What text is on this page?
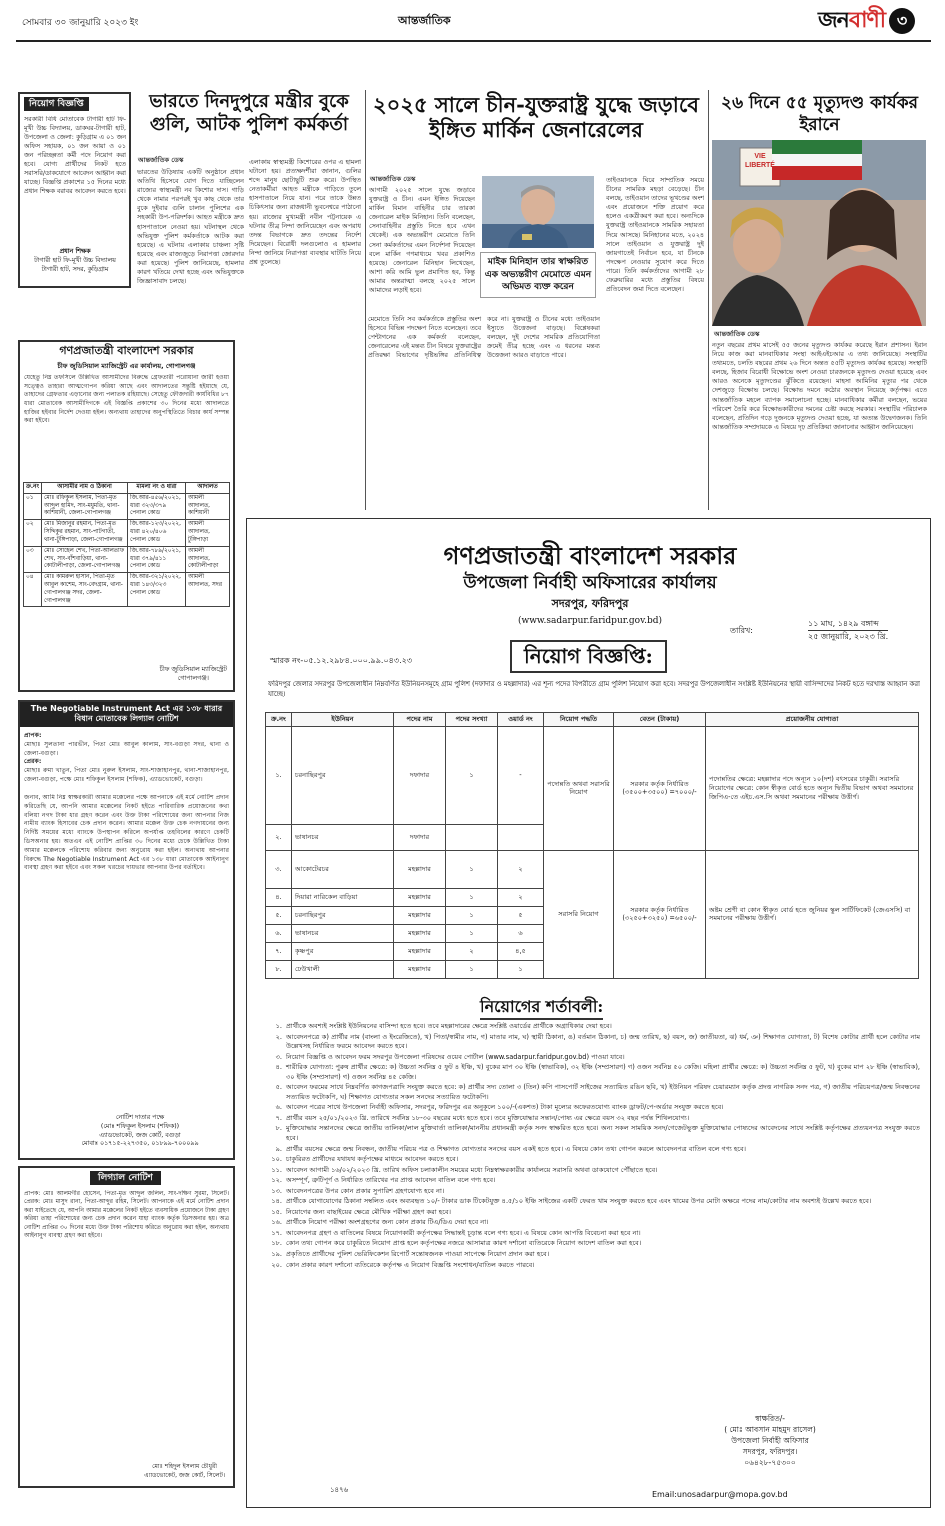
সোমবার ৩০ জানুয়ারি ২০২৩ ইং	আন্তর্জাতিক	জনবাণী ৩
নিয়োগ বিজ্ঞপ্তি
সরকারী বিধি মোতাবেক টাগারী হাট ফি-মূখী উচ্চ বিদ্যালয়, ডাকঘর-টাগারী হাট, উপজেলা ও জেলা: কুড়িগ্রাম এ ০১ জন অফিস সহায়ক, ০১ জন আয়া ও ০১ জন পরিচ্ছন্নতা কর্মী পদে নিয়োগ করা হবে। যোগ্য প্রার্থীদের নিকট হতে সরাসরি/ডাকযোগে আবেদন আহ্বান করা যাচ্ছে। বিজ্ঞপ্তি প্রকাশের ১৫ দিনের মধ্যে প্রধান শিক্ষক বরাবর আবেদন করতে হবে।
প্রধান শিক্ষক
টাগারী হাট ফি-মূখী উচ্চ বিদ্যালয়
টাগারী হাট, সদর, কুড়িগ্রাম
ভারতে দিনদুপুরে মন্ত্রীর বুকে গুলি, আটক পুলিশ কর্মকর্তা
আন্তর্জাতিক ডেস্ক
ভারতের উড়িষ্যায় একটি অনুষ্ঠানে প্রধান অতিথি হিসেবে যোগ দিতে যাচ্ছিলেন রাজ্যের স্বাস্থ্যমন্ত্রী নব কিশোর দাস। গাড়ি থেকে নামার পরপরই খুব কাছ থেকে তার বুকে দুইবার গুলি চালান পুলিশের এক সহকারী উপ-পরিদর্শক। আহত মন্ত্রীকে দ্রুত হাসপাতালে নেওয়া হয়। ঘটনাস্থল থেকে অভিযুক্ত পুলিশ কর্মকর্তাকে আটক করা হয়েছে। এ ঘটনায় এলাকায় চাঞ্চল্য সৃষ্টি হয়েছে এবং রাজ্যজুড়ে নিরাপত্তা জোরদার করা হয়েছে। পুলিশ জানিয়েছে, হামলার কারণ খতিয়ে দেখা হচ্ছে এবং অভিযুক্তকে জিজ্ঞাসাবাদ চলছে।
এলাকায় স্বাস্থ্যমন্ত্রী কিশোরের ওপর এ হামলা ঘটানো হয়। প্রত্যক্ষদর্শীরা জানান, গুলির শব্দে মানুষ ছোটাছুটি শুরু করে। উপস্থিত নেতাকর্মীরা আহত মন্ত্রীকে গাড়িতে তুলে হাসপাতালে নিয়ে যান। পরে তাকে উন্নত চিকিৎসার জন্য রাজধানী ভুবনেশ্বরে পাঠানো হয়। রাজ্যের মুখ্যমন্ত্রী নবীন পট্টনায়েক এ ঘটনার তীব্র নিন্দা জানিয়েছেন এবং অপরাধ তদন্ত বিভাগকে দ্রুত তদন্তের নির্দেশ দিয়েছেন। বিরোধী দলগুলোও এ হামলার নিন্দা জানিয়ে নিরাপত্তা ব্যবস্থার ঘাটতি নিয়ে প্রশ্ন তুলেছে।
২০২৫ সালে চীন-যুক্তরাষ্ট্র যুদ্ধে জড়াবে ইঙ্গিত মার্কিন জেনারেলের
আন্তর্জাতিক ডেস্ক
আগামী ২০২৫ সালে যুদ্ধে জড়াবে যুক্তরাষ্ট্র ও চীন। এমন ইঙ্গিত দিয়েছেন মার্কিন বিমান বাহিনীর চার তারকা জেনারেল মাইক মিনিহান। তিনি বলেছেন, সেনাবাহিনীর প্রস্তুতি নিতে হবে এখন থেকেই। এক অভ্যন্তরীণ মেমোতে তিনি সেনা কর্মকর্তাদের এমন নির্দেশনা দিয়েছেন বলে মার্কিন গণমাধ্যমে খবর প্রকাশিত হয়েছে। জেনারেল মিনিহান লিখেছেন, আশা করি আমি ভুল প্রমাণিত হব, কিন্তু আমার অন্তরাত্মা বলছে ২০২৫ সালে আমাদের লড়াই হবে।
মাইক মিনিহান তার স্বাক্ষরিত এক অভ্যন্তরীণ মেমোতে এমন অভিমত ব্যক্ত করেন
মেমোতে তিনি সব কর্মকর্তাকে প্রস্তুতির অংশ হিসেবে বিভিন্ন পদক্ষেপ নিতে বলেছেন। তবে পেন্টাগনের এক কর্মকর্তা বলেছেন, জেনারেলের এই মন্তব্য চীন বিষয়ে যুক্তরাষ্ট্রের প্রতিরক্ষা বিভাগের দৃষ্টিভঙ্গির প্রতিনিধিত্ব করে না। যুক্তরাষ্ট্র ও চীনের মধ্যে তাইওয়ান ইস্যুতে উত্তেজনা বাড়ছে। বিশ্লেষকরা বলছেন, দুই দেশের সামরিক প্রতিযোগিতা ক্রমেই তীব্র হচ্ছে এবং এ ধরনের মন্তব্য উত্তেজনা আরও বাড়াতে পারে।
তাইওয়ানকে ঘিরে সাম্প্রতিক সময়ে চীনের সামরিক মহড়া বেড়েছে। চীন বলছে, তাইওয়ান তাদের ভূখণ্ডের অংশ এবং প্রয়োজনে শক্তি প্রয়োগ করে হলেও একত্রীকরণ করা হবে। অন্যদিকে যুক্তরাষ্ট্র তাইওয়ানকে সামরিক সহায়তা দিয়ে আসছে। মিনিহানের মতে, ২০২৪ সালে তাইওয়ান ও যুক্তরাষ্ট্র দুই জায়গাতেই নির্বাচন হবে, যা চীনকে পদক্ষেপ নেওয়ার সুযোগ করে দিতে পারে। তিনি কর্মকর্তাদের আগামী ২৮ ফেব্রুয়ারির মধ্যে প্রস্তুতির বিষয়ে প্রতিবেদন জমা দিতে বলেছেন।
২৬ দিনে ৫৫ মৃত্যুদণ্ড কার্যকর ইরানে
VIE LIBERTÉ
আন্তর্জাতিক ডেস্ক
নতুন বছরের প্রথম মাসেই ৫৫ জনের মৃত্যুদণ্ড কার্যকর করেছে ইরান প্রশাসন। ইরান নিয়ে কাজ করা মানবাধিকার সংস্থা আইএইচআর এ তথ্য জানিয়েছে। সংস্থাটির তথ্যমতে, চলতি বছরের প্রথম ২৬ দিনে অন্তত ৫৫টি মৃত্যুদণ্ড কার্যকর হয়েছে। সংস্থাটি বলছে, হিজাব বিরোধী বিক্ষোভে অংশ নেওয়া চারজনকে মৃত্যুদণ্ড দেওয়া হয়েছে এবং আরও অনেকে মৃত্যুদণ্ডের ঝুঁকিতে রয়েছেন। মাহসা আমিনির মৃত্যুর পর থেকে দেশজুড়ে বিক্ষোভ চলছে। বিক্ষোভ দমনে কঠোর অবস্থান নিয়েছে কর্তৃপক্ষ। এতে আন্তর্জাতিক মহলে ব্যাপক সমালোচনা হচ্ছে। মানবাধিকার কর্মীরা বলছেন, ভয়ের পরিবেশ তৈরি করে বিক্ষোভকারীদের দমনের চেষ্টা করছে সরকার। সংস্থাটির পরিচালক বলেছেন, প্রতিদিন গড়ে দুজনকে মৃত্যুদণ্ড দেওয়া হচ্ছে, যা অত্যন্ত উদ্বেগজনক। তিনি আন্তর্জাতিক সম্প্রদায়কে এ বিষয়ে দৃঢ় প্রতিক্রিয়া জানানোর আহ্বান জানিয়েছেন।
গণপ্রজাতন্ত্রী বাংলাদেশ সরকার
চীফ জুডিসিয়াল ম্যাজিস্ট্রেট এর কার্যালয়, গোপালগঞ্জ
যেহেতু নিম্ন তফসিলে উল্লিখিত আসামীদের বিরুদ্ধে গ্রেফতারী পরোয়ানা জারী হওয়া সত্ত্বেও তাহারা আত্মগোপন করিয়া আছে এবং আদালতের সন্তুষ্টি হইয়াছে যে, তাহাদের গ্রেফতার এড়ানোর জন্য পলাতক রহিয়াছে। সেহেতু ফৌজদারী কার্যবিধির ৮৭ ধারা মোতাবেক আসামীদিগকে এই বিজ্ঞপ্তি প্রকাশের ৩০ দিনের মধ্যে আদালতে হাজির হইবার নির্দেশ দেওয়া হইল। অন্যথায় তাহাদের অনুপস্থিতিতে বিচার কার্য সম্পন্ন করা হইবে।
ক্র.নং	আসামীর নাম ও ঠিকানা	মামলা নং ও ধারা	আদালত
০১	মোঃ রফিকুল ইসলাম, পিতা-মৃত আব্দুল হামিদ, সাং-মধুমতি, থানা-কাশিয়ানী, জেলা-গোপালগঞ্জ	জি.আর-৪৫৬/২০২১, ধারা ৩২৩/৩৭৯ পেনাল কোড	আমলী আদালত, কাশিয়ানী
০২	মোঃ মিজানুর রহমান, পিতা-মৃত সিদ্দিকুর রহমান, সাং-পাটগাতী, থানা-টুঙ্গিপাড়া, জেলা-গোপালগঞ্জ	জি.আর-১২৩/২০২২, ধারা ৪২০/৪০৬ পেনাল কোড	আমলী আদালত, টুঙ্গিপাড়া
০৩	মোঃ সোহেল শেখ, পিতা-আলতাফ শেখ, সাং-বাঁশবাড়িয়া, থানা-কোটালীপাড়া, জেলা-গোপালগঞ্জ	জি.আর-৭৮৯/২০২১, ধারা ৩৭৯/৪১১ পেনাল কোড	আমলী আদালত, কোটালীপাড়া
০৪	মোঃ কামরুল হাসান, পিতা-মৃত আবুল কাশেম, সাং-বেদগ্রাম, থানা-গোপালগঞ্জ সদর, জেলা-গোপালগঞ্জ	জি.আর-৩২১/২০২২, ধারা ১৪৩/৩২৩ পেনাল কোড	আমলী আদালত, সদর
চীফ জুডিসিয়াল ম্যাজিস্ট্রেট
গোপালগঞ্জ।
The Negotiable Instrument Act এর ১৩৮ ধারার বিধান মোতাবেক লিগ্যাল নোটিশ
প্রাপক:
মোছাঃ সুলতানা পারভীন, পিতা মোঃ আবুল কালাম, সাং-বগুড়া সদর, থানা ও জেলা-বগুড়া।
প্রেরক:
মোছাঃ রুমা খাতুন, পিতা মোঃ নুরুল ইসলাম, সাং-শাজাহানপুর, থানা-শাজাহানপুর, জেলা-বগুড়া, পক্ষে মোঃ শফিকুল ইসলাম (শফিক), এ্যাডভোকেট, বগুড়া।
জনাব, আমি নিম্ন স্বাক্ষরকারী আমার মক্কেলের পক্ষে আপনাকে এই মর্মে নোটিশ প্রদান করিতেছি যে, আপনি আমার মক্কেলের নিকট হইতে পারিবারিক প্রয়োজনের কথা বলিয়া নগদ টাকা ধার গ্রহণ করেন এবং উক্ত টাকা পরিশোধের জন্য আপনার নিজ নামীয় ব্যাংক হিসাবের চেক প্রদান করেন। আমার মক্কেল উক্ত চেক নগদায়নের জন্য নির্দিষ্ট সময়ের মধ্যে ব্যাংকে উপস্থাপন করিলে অপর্যাপ্ত তহবিলের কারণে চেকটি ডিসঅনার হয়। অতএব এই নোটিশ প্রাপ্তির ৩০ দিনের মধ্যে চেকে উল্লিখিত টাকা আমার মক্কেলকে পরিশোধ করিবার জন্য অনুরোধ করা হইল। অন্যথায় আপনার বিরুদ্ধে The Negotiable Instrument Act এর ১৩৮ ধারা মোতাবেক আইনানুগ ব্যবস্থা গ্রহণ করা হইবে এবং সকল খরচের দায়ভার আপনার উপর বর্তাইবে।
নোটিশ দাতার পক্ষে
(মোঃ শফিকুল ইসলাম (শফিক))
এ্যাডভোকেট, জজ কোর্ট, বগুড়া
মোবাঃ ০১৭১৫-২২৭৩৫০, ০১৮৯৯-৭০০০৯৯
লিগ্যাল নোটিশ
প্রাপক: মোঃ আলমগীর হোসেন, পিতা-মৃত আব্দুল জলিল, সাং-দক্ষিণ সুরমা, সিলেট। প্রেরক: মোঃ মাসুদ রানা, পিতা-আব্দুর রহিম, সিলেট। আপনাকে এই মর্মে নোটিশ প্রদান করা যাইতেছে যে, আপনি আমার মক্কেলের নিকট হইতে ব্যবসায়িক প্রয়োজনে টাকা গ্রহণ করিয়া তাহা পরিশোধের জন্য চেক প্রদান করেন যাহা ব্যাংক কর্তৃক ডিসঅনার হয়। অত্র নোটিশ প্রাপ্তির ৩০ দিনের মধ্যে উক্ত টাকা পরিশোধ করিতে অনুরোধ করা হইল, অন্যথায় আইনানুগ ব্যবস্থা গ্রহণ করা হইবে।
মোঃ শহিদুল ইসলাম চৌধুরী
এ্যাডভোকেট, জজ কোর্ট, সিলেট।
গণপ্রজাতন্ত্রী বাংলাদেশ সরকার
উপজেলা নির্বাহী অফিসারের কার্যালয়
সদরপুর, ফরিদপুর
(www.sadarpur.faridpur.gov.bd)
তারিখ:
১১ মাঘ, ১৪২৯ বঙ্গাব্দ
২৫ জানুয়ারি, ২০২৩ খ্রি.
স্মারক নং-০৫.১২.২৯৮৪.০০০.৯৯.০৪৩.২৩	নিয়োগ বিজ্ঞপ্তি:
ফরিদপুর জেলার সদরপুর উপজেলাধীন নিম্নবর্ণিত ইউনিয়নসমূহে গ্রাম পুলিশ (দফাদার ও মহল্লাদার) এর শূন্য পদের বিপরীতে গ্রাম পুলিশ নিয়োগ করা হবে। সদরপুর উপজেলাধীন সংশ্লিষ্ট ইউনিয়নের স্থায়ী বাসিন্দাদের নিকট হতে দরখাস্ত আহ্বান করা যাচ্ছে।
ক্র.নং	ইউনিয়ন	পদের নাম	পদের সংখ্যা	ওয়ার্ড নং	নিয়োগ পদ্ধতি	বেতন (টাকায়)	প্রয়োজনীয় যোগ্যতা
১.	চরনাছিরপুর	দফাদার	১	-	পদোন্নতি অথবা সরাসরি নিয়োগ	সরকার কর্তৃক নির্ধারিত (৩৫০০+৩৫০০) =৭০০০/-	পদোন্নতির ক্ষেত্রে: মহল্লাদার পদে অন্যূন ১০(দশ) বৎসরের চাকুরী। সরাসরি নিয়োগের ক্ষেত্রে: কোন স্বীকৃত বোর্ড হতে অন্যূন দ্বিতীয় বিভাগ অথবা সমমানের জিপিএ-তে এইচ.এস.সি অথবা সমমানের পরীক্ষায় উত্তীর্ণ।
২.	ভাষানচর	দফাদার					
৩.	আকোটেরচর	মহল্লাদার	১	২	সরাসরি নিয়োগ	সরকার কর্তৃক নির্ধারিত (৩২৫০+৩২৫০) =৬৫০০/-	অষ্টম শ্রেণী বা কোন স্বীকৃত বোর্ড হতে জুনিয়র স্কুল সার্টিফিকেট (জেএসসি) বা সমমানের পরীক্ষায় উত্তীর্ণ।
৪.	দিয়ারা নারিকেল বাড়িয়া	মহল্লাদার	১	২			
৫.	চরনাছিরপুর	মহল্লাদার	১	৫			
৬.	ভাষানচর	মহল্লাদার	১	৬			
৭.	কৃষ্ণপুর	মহল্লাদার	২	৪,৫			
৮.	ঢেউখালী	মহল্লাদার	১	১			
নিয়োগের শর্তাবলী:
১. প্রার্থীকে অবশ্যই সংশ্লিষ্ট ইউনিয়নের বাসিন্দা হতে হবে। তবে মহল্লাদারের ক্ষেত্রে সংশ্লিষ্ট ওয়ার্ডের প্রার্থীকে অগ্রাধিকার দেয়া হবে।
২. আবেদনপত্রে ক) প্রার্থীর নাম (বাংলা ও ইংরেজিতে), খ) পিতা/স্বামীর নাম, গ) মাতার নাম, ঘ) স্থায়ী ঠিকানা, ঙ) বর্তমান ঠিকানা, চ) জন্ম তারিখ, ছ) বয়স, জ) জাতীয়তা, ঝ) ধর্ম, ঞ) শিক্ষাগত যোগ্যতা, ট) বিশেষ কোটার প্রার্থী হলে কোটার নাম উল্লেখসহ নির্ধারিত ফরমে আবেদন করতে হবে।
৩. নিয়োগ বিজ্ঞপ্তি ও আবেদন ফরম সদরপুর উপজেলা পরিষদের ওয়েব পোর্টাল (www.sadarpur.faridpur.gov.bd) পাওয়া যাবে।
৪. শারীরিক যোগ্যতা: পুরুষ প্রার্থীর ক্ষেত্রে: ক) উচ্চতা সর্বনিম্ন ৫ ফুট ৪ ইঞ্চি, খ) বুকের মাপ ৩০ ইঞ্চি (স্বাভাবিক), ৩২ ইঞ্চি (সম্প্রসারণ) গ) ওজন সর্বনিম্ন ৫০ কেজি। মহিলা প্রার্থীর ক্ষেত্রে: ক) উচ্চতা সর্বনিম্ন ৫ ফুট, খ) বুকের মাপ ২৮ ইঞ্চি (স্বাভাবিক), ৩০ ইঞ্চি (সম্প্রসারণ) গ) ওজন সর্বনিম্ন ৪৫ কেজি।
৫. আবেদন ফরমের সাথে নিম্নবর্ণিত কাগজপত্রাদি সংযুক্ত করতে হবে: ক) প্রার্থীর সদ্য তোলা ৩ (তিন) কপি পাসপোর্ট সাইজের সত্যায়িত রঙিন ছবি, খ) ইউনিয়ন পরিষদ চেয়ারম্যান কর্তৃক প্রদত্ত নাগরিক সনদ পত্র, গ) জাতীয় পরিচয়পত্র/জন্ম নিবন্ধনের সত্যায়িত ফটোকপি, ঘ) শিক্ষাগত যোগ্যতার সকল সনদের সত্যায়িত ফটোকপি।
৬. আবেদন পত্রের সাথে উপজেলা নির্বাহী অফিসার, সদরপুর, ফরিদপুর এর অনুকূলে ১০০/-(একশত) টাকা মূল্যের অফেরতযোগ্য ব্যাংক ড্রাফট/পে-অর্ডার সংযুক্ত করতে হবে।
৭. প্রার্থীর বয়স ২৫/০১/২০২৩ খ্রি. তারিখে সর্বনিম্ন ১৮-৩০ বছরের মধ্যে হতে হবে। তবে মুক্তিযোদ্ধার সন্তান/পোষ্য এর ক্ষেত্রে বয়স ৩২ বছর পর্যন্ত শিথিলযোগ্য।
৮. মুক্তিযোদ্ধার সন্তানদের ক্ষেত্রে জাতীয় তালিকা/লাল মুক্তিবার্তা তালিকা/মাননীয় প্রধানমন্ত্রী কর্তৃক সনদ স্বাক্ষরিত হতে হবে। অন্য সকল সাময়িক সনদ/গেজেটভুক্ত মুক্তিযোদ্ধার পোষ্যদের আবেদনের সাথে সংশ্লিষ্ট কর্তৃপক্ষের প্রত্যয়নপত্র সংযুক্ত করতে হবে।
৯. প্রার্থীর বয়সের ক্ষেত্রে জন্ম নিবন্ধন, জাতীয় পরিচয় পত্র ও শিক্ষাগত যোগ্যতার সনদের বয়স একই হতে হবে। এ বিষয়ে কোন তথ্য গোপন করলে আবেদনপত্র বাতিল বলে গণ্য হবে।
১০. চাকুরিরত প্রার্থীদের যথাযথ কর্তৃপক্ষের মাধ্যমে আবেদন করতে হবে।
১১. আবেদন আগামী ১৬/০২/২০২৩ খ্রি. তারিখ অফিস চলাকালীন সময়ের মধ্যে নিম্নস্বাক্ষরকারীর কার্যালয়ে সরাসরি অথবা ডাকযোগে পৌঁছাতে হবে।
১২. অসম্পূর্ণ, ত্রুটিপূর্ণ ও নির্ধারিত তারিখের পর প্রাপ্ত আবেদন বাতিল বলে গণ্য হবে।
১৩. আবেদনপত্রের উপর কোন প্রকার সুপারিশ গ্রহণযোগ্য হবে না।
১৪. প্রার্থীকে যোগাযোগের ঠিকানা সম্বলিত এবং অব্যবহৃত ১০/- টাকার ডাক টিকেটযুক্ত ৪.৫/১০ ইঞ্চি সাইজের একটি ফেরত খাম সংযুক্ত করতে হবে এবং খামের উপর মোটা অক্ষরে পদের নাম/কোটার নাম অবশ্যই উল্লেখ করতে হবে।
১৫. নিয়োগের জন্য বাছাইয়ের ক্ষেত্রে মৌখিক পরীক্ষা গ্রহণ করা হবে।
১৬. প্রার্থীকে নিয়োগ পরীক্ষা অংশগ্রহণের জন্য কোন প্রকার টিএ/ডিএ দেয়া হবে না।
১৭. আবেদনপত্র গ্রহণ ও বাতিলের বিষয়ে নিয়োগকারী কর্তৃপক্ষের সিদ্ধান্তই চূড়ান্ত বলে গণ্য হবে। এ বিষয়ে কোন আপত্তি বিবেচনা করা হবে না।
১৮. কোন তথ্য গোপন করে চাকুরিতে নিয়োগ প্রাপ্ত হলে কর্তৃপক্ষের নজরে আসামাত্র কারণ দর্শানো ব্যতিরেকে নিয়োগ আদেশ বাতিল করা হবে।
১৯. প্রকৃতিতে প্রার্থীদের পুলিশ ভেরিফিকেশন রিপোর্ট সন্তোষজনক পাওয়া সাপেক্ষে নিয়োগ প্রদান করা হবে।
২০. কোন প্রকার কারণ দর্শানো ব্যতিরেকে কর্তৃপক্ষ এ নিয়োগ বিজ্ঞপ্তি সংশোধন/বাতিল করতে পারবে।
স্বাক্ষরিত/-
( মোঃ আবসান মাহমুদ রাসেল)
উপজেলা নির্বাহী অফিসার
সদরপুর, ফরিদপুর।
০৬৪২৮-৭৫৩০০
Email:unosadarpur@mopa.gov.bd
১৪৭৬
